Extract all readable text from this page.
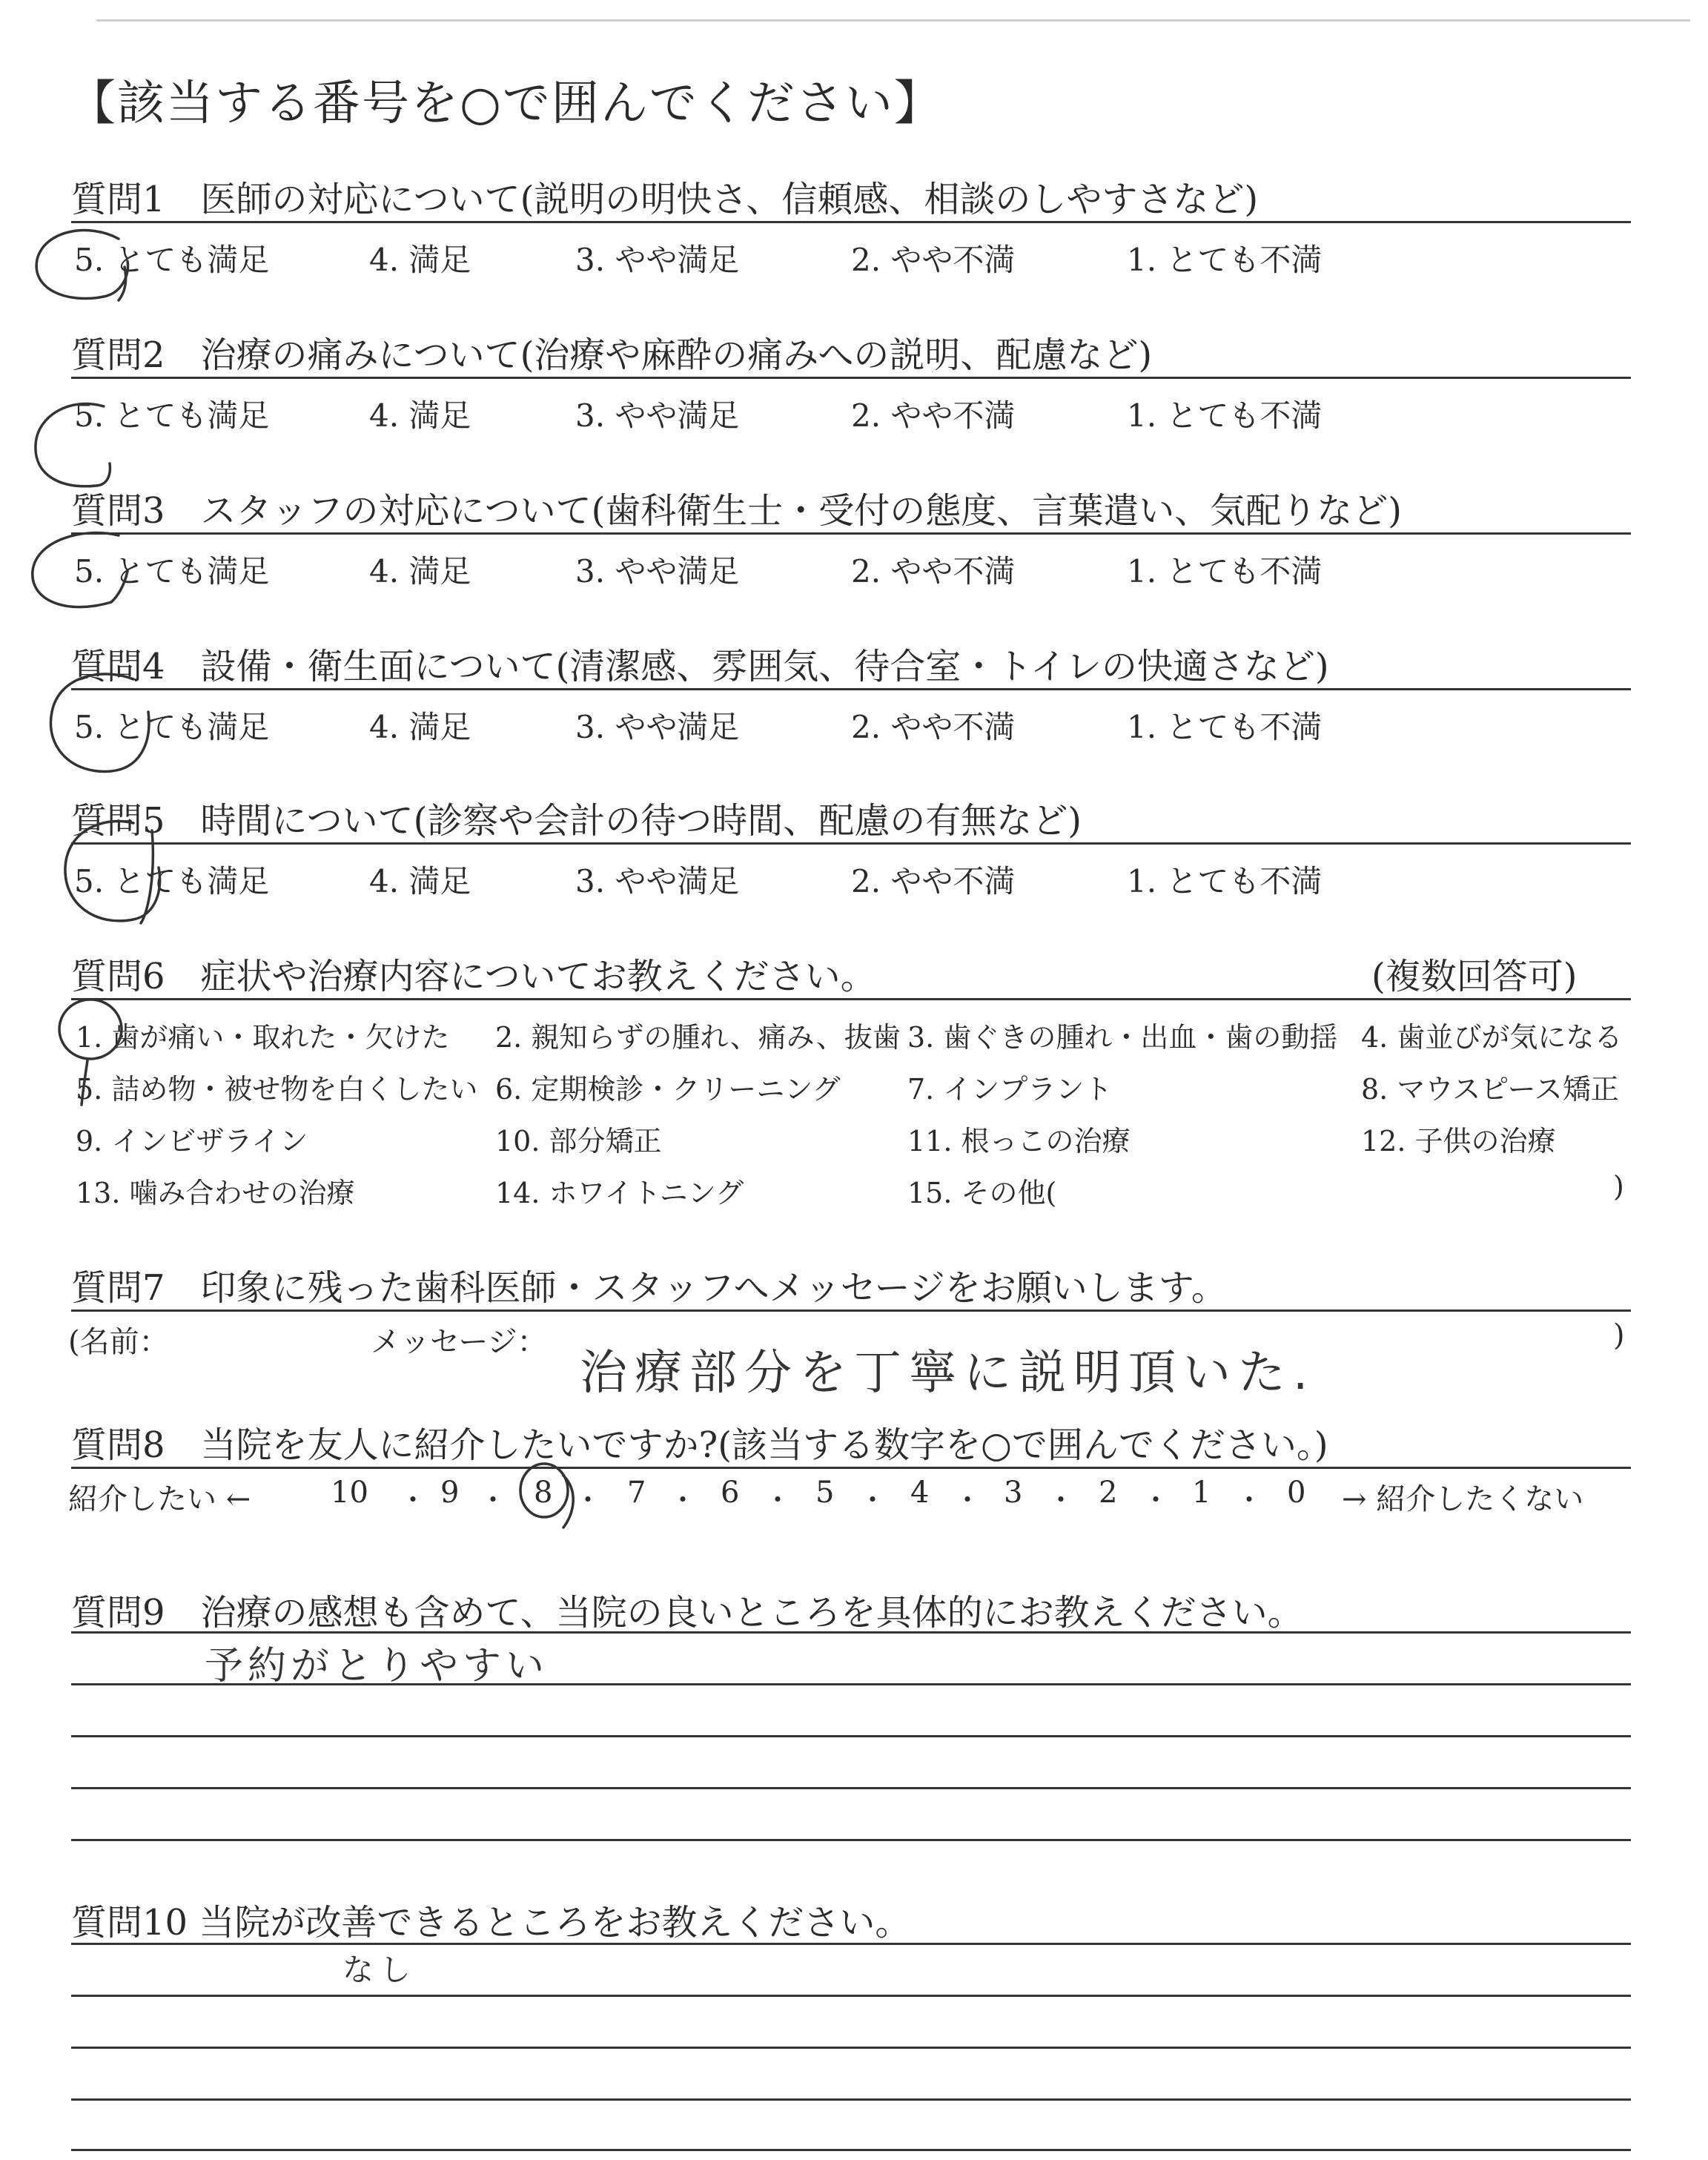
【該当する番号を○で囲んでください】
質問1　医師の対応について(説明の明快さ、信頼感、相談のしやすさなど)
5. とても満足	4. 満足	3. やや満足	2. やや不満	1. とても不満
質問2　治療の痛みについて(治療や麻酔の痛みへの説明、配慮など)
5. とても満足	4. 満足	3. やや満足	2. やや不満	1. とても不満
質問3　スタッフの対応について(歯科衛生士・受付の態度、言葉遣い、気配りなど)
5. とても満足	4. 満足	3. やや満足	2. やや不満	1. とても不満
質問4　設備・衛生面について(清潔感、雰囲気、待合室・トイレの快適さなど)
5. とても満足	4. 満足	3. やや満足	2. やや不満	1. とても不満
質問5　時間について(診察や会計の待つ時間、配慮の有無など)
5. とても満足	4. 満足	3. やや満足	2. やや不満	1. とても不満
質問6　症状や治療内容についてお教えください。	(複数回答可)
1. 歯が痛い・取れた・欠けた 2. 親知らずの腫れ、痛み、抜歯 3. 歯ぐきの腫れ・出血・歯の動揺 4. 歯並びが気になる
5. 詰め物・被せ物を白くしたい 6. 定期検診・クリーニング 7. インプラント	8. マウスピース矯正
9. インビザライン	10. 部分矯正	11. 根っこの治療	12. 子供の治療
13. 噛み合わせの治療	14. ホワイトニング	15. その他(	)
質問7　印象に残った歯科医師・スタッフへメッセージをお願いします。
(名前：	メッセージ：	)
治療部分を丁寧に説明頂いた.
質問8　当院を友人に紹介したいですか?(該当する数字を○で囲んでください。)
紹介したい ←	→ 紹介したくない
10 ・ 9 ・ 8 ・ 7 ・ 6 ・ 5 ・ 4 ・ 3 ・ 2 ・ 1 ・ 0
質問9　治療の感想も含めて、当院の良いところを具体的にお教えください。
予約がとりやすい
質問10 当院が改善できるところをお教えください。
なし
